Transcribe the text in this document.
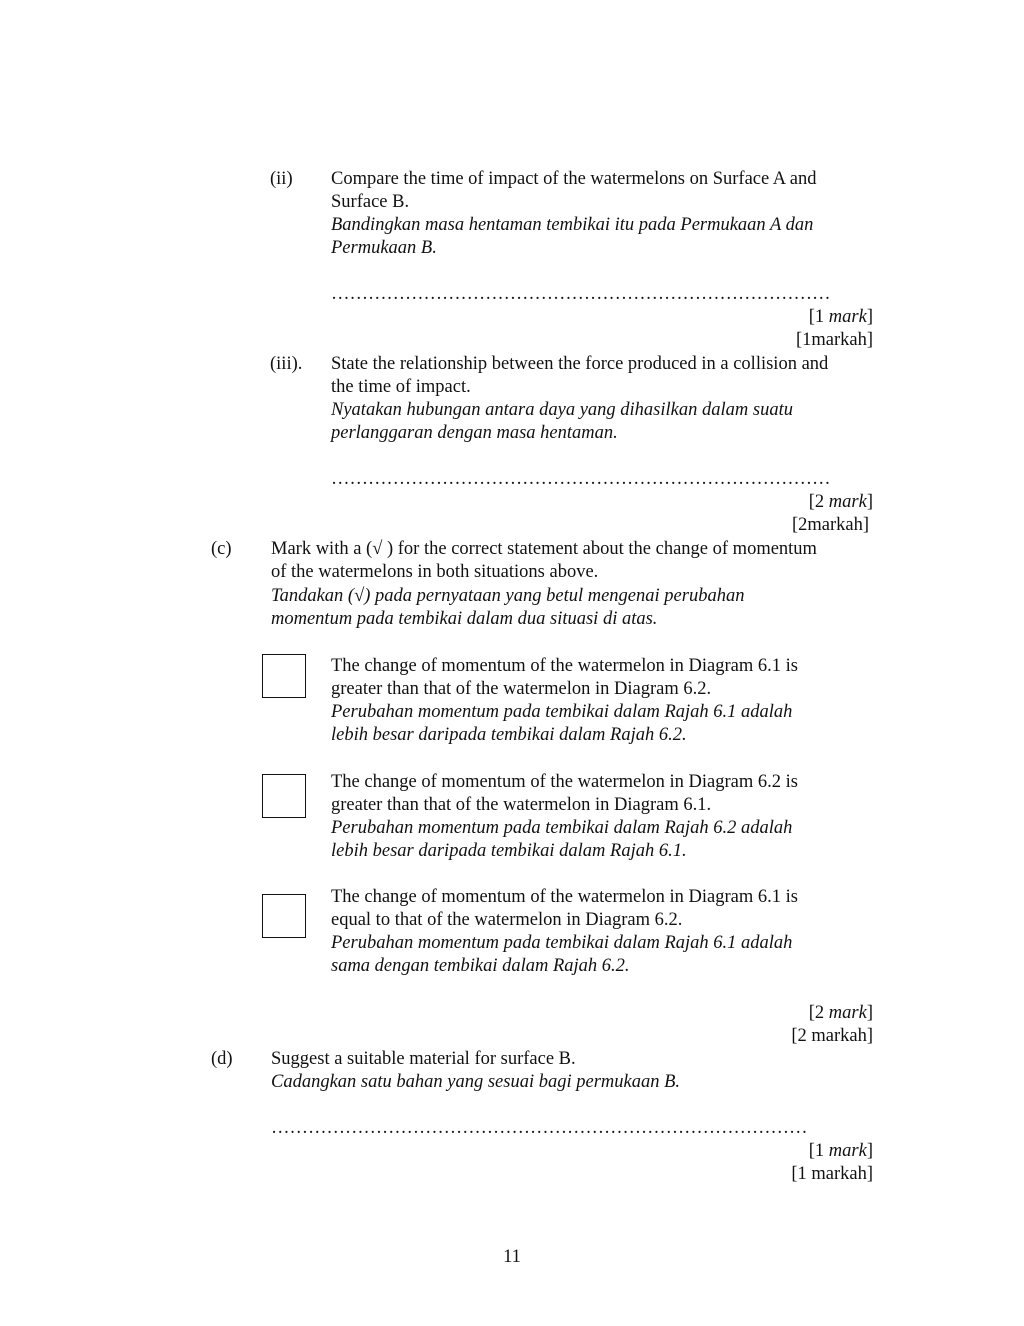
(ii) Compare the time of impact of the watermelons on Surface A and
Surface B.
Bandingkan masa hentaman tembikai itu pada Permukaan A dan
Permukaan B.
………………………………………………………………………
[1 mark]
[1markah]
(iii). State the relationship between the force produced in a collision and
the time of impact.
Nyatakan hubungan antara daya yang dihasilkan dalam suatu
perlanggaran dengan masa hentaman.
………………………………………………………………………
[2 mark]
[2markah]
(c) Mark with a (√ ) for the correct statement about the change of momentum
of the watermelons in both situations above.
Tandakan (√) pada pernyataan yang betul mengenai perubahan
momentum pada tembikai dalam dua situasi di atas.
The change of momentum of the watermelon in Diagram 6.1 is
greater than that of the watermelon in Diagram 6.2.
Perubahan momentum pada tembikai dalam Rajah 6.1 adalah
lebih besar daripada tembikai dalam Rajah 6.2.
The change of momentum of the watermelon in Diagram 6.2 is
greater than that of the watermelon in Diagram 6.1.
Perubahan momentum pada tembikai dalam Rajah 6.2 adalah
lebih besar daripada tembikai dalam Rajah 6.1.
The change of momentum of the watermelon in Diagram 6.1 is
equal to that of the watermelon in Diagram 6.2.
Perubahan momentum pada tembikai dalam Rajah 6.1 adalah
sama dengan tembikai dalam Rajah 6.2.
[2 mark]
[2 markah]
(d) Suggest a suitable material for surface B.
Cadangkan satu bahan yang sesuai bagi permukaan B.
……………………………………………………………………………
[1 mark]
[1 markah]
11
